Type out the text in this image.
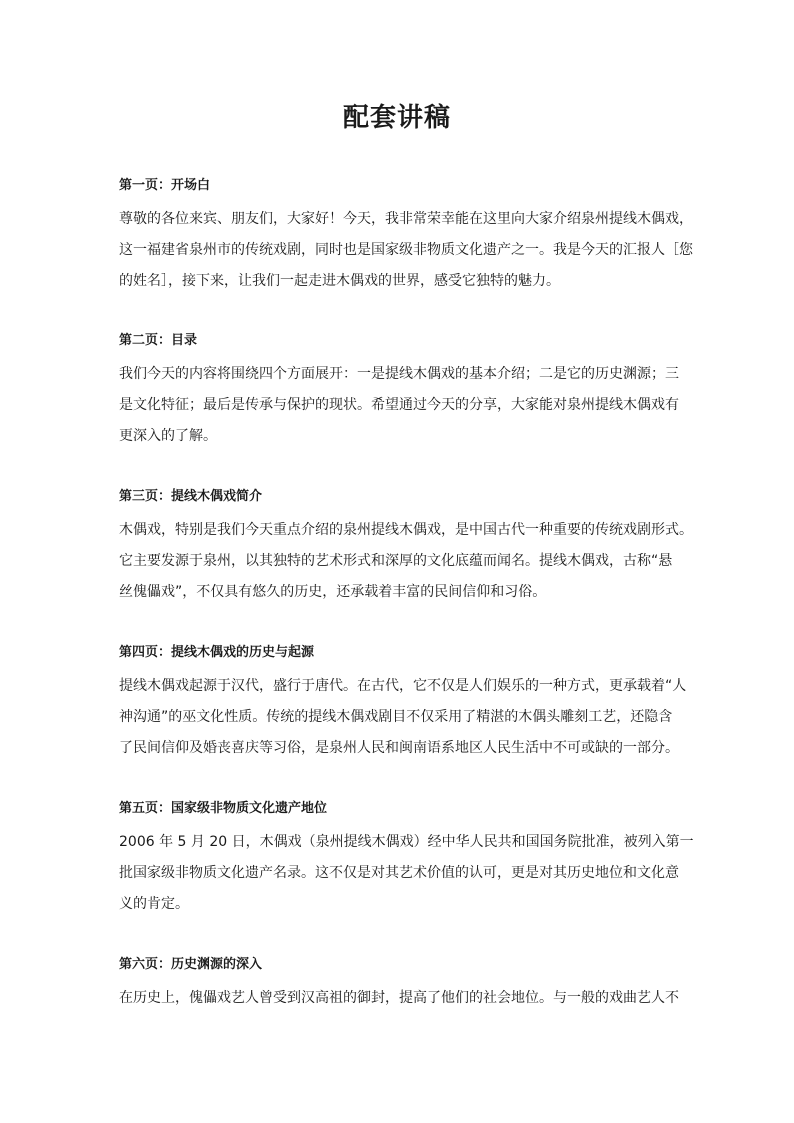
配套讲稿
第一页：开场白
尊敬的各位来宾、朋友们，大家好！今天，我非常荣幸能在这里向大家介绍泉州提线木偶戏，
这一福建省泉州市的传统戏剧，同时也是国家级非物质文化遗产之一。我是今天的汇报人［您
的姓名］，接下来，让我们一起走进木偶戏的世界，感受它独特的魅力。
第二页：目录
我们今天的内容将围绕四个方面展开：一是提线木偶戏的基本介绍；二是它的历史渊源；三
是文化特征；最后是传承与保护的现状。希望通过今天的分享，大家能对泉州提线木偶戏有
更深入的了解。
第三页：提线木偶戏简介
木偶戏，特别是我们今天重点介绍的泉州提线木偶戏，是中国古代一种重要的传统戏剧形式。
它主要发源于泉州，以其独特的艺术形式和深厚的文化底蕴而闻名。提线木偶戏，古称“悬
丝傀儡戏”，不仅具有悠久的历史，还承载着丰富的民间信仰和习俗。
第四页：提线木偶戏的历史与起源
提线木偶戏起源于汉代，盛行于唐代。在古代，它不仅是人们娱乐的一种方式，更承载着“人
神沟通”的巫文化性质。传统的提线木偶戏剧目不仅采用了精湛的木偶头雕刻工艺，还隐含
了民间信仰及婚丧喜庆等习俗，是泉州人民和闽南语系地区人民生活中不可或缺的一部分。
第五页：国家级非物质文化遗产地位
2006 年 5 月 20 日，木偶戏（泉州提线木偶戏）经中华人民共和国国务院批准，被列入第一
批国家级非物质文化遗产名录。这不仅是对其艺术价值的认可，更是对其历史地位和文化意
义的肯定。
第六页：历史渊源的深入
在历史上，傀儡戏艺人曾受到汉高祖的御封，提高了他们的社会地位。与一般的戏曲艺人不
